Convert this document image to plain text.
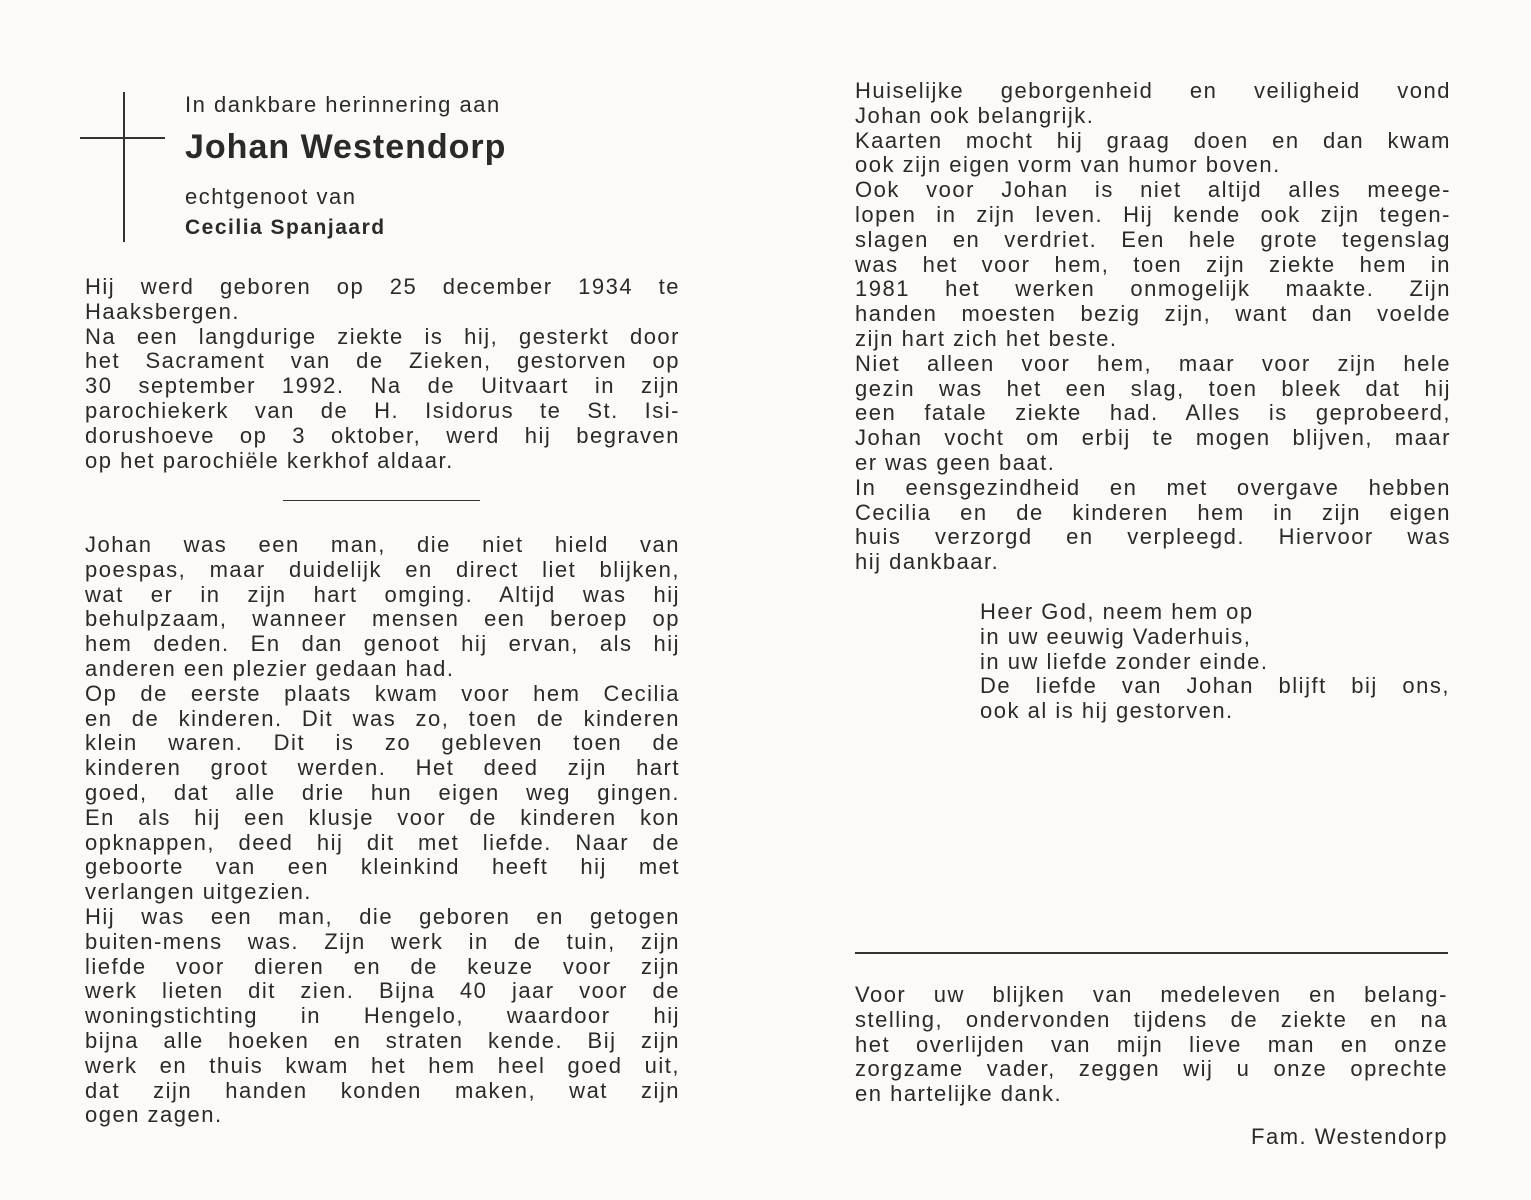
In dankbare herinnering aan
Johan Westendorp
echtgenoot van
Cecilia Spanjaard
Hij werd geboren op 25 december 1934 te
Haaksbergen.
Na een langdurige ziekte is hij, gesterkt door
het Sacrament van de Zieken, gestorven op
30 september 1992. Na de Uitvaart in zijn
parochiekerk van de H. Isidorus te St. Isi-
dorushoeve op 3 oktober, werd hij begraven
op het parochiële kerkhof aldaar.
Johan was een man, die niet hield van
poespas, maar duidelijk en direct liet blijken,
wat er in zijn hart omging. Altijd was hij
behulpzaam, wanneer mensen een beroep op
hem deden. En dan genoot hij ervan, als hij
anderen een plezier gedaan had.
Op de eerste plaats kwam voor hem Cecilia
en de kinderen. Dit was zo, toen de kinderen
klein waren. Dit is zo gebleven toen de
kinderen groot werden. Het deed zijn hart
goed, dat alle drie hun eigen weg gingen.
En als hij een klusje voor de kinderen kon
opknappen, deed hij dit met liefde. Naar de
geboorte van een kleinkind heeft hij met
verlangen uitgezien.
Hij was een man, die geboren en getogen
buiten-mens was. Zijn werk in de tuin, zijn
liefde voor dieren en de keuze voor zijn
werk lieten dit zien. Bijna 40 jaar voor de
woningstichting in Hengelo, waardoor hij
bijna alle hoeken en straten kende. Bij zijn
werk en thuis kwam het hem heel goed uit,
dat zijn handen konden maken, wat zijn
ogen zagen.
Huiselijke geborgenheid en veiligheid vond
Johan ook belangrijk.
Kaarten mocht hij graag doen en dan kwam
ook zijn eigen vorm van humor boven.
Ook voor Johan is niet altijd alles meege-
lopen in zijn leven. Hij kende ook zijn tegen-
slagen en verdriet. Een hele grote tegenslag
was het voor hem, toen zijn ziekte hem in
1981 het werken onmogelijk maakte. Zijn
handen moesten bezig zijn, want dan voelde
zijn hart zich het beste.
Niet alleen voor hem, maar voor zijn hele
gezin was het een slag, toen bleek dat hij
een fatale ziekte had. Alles is geprobeerd,
Johan vocht om erbij te mogen blijven, maar
er was geen baat.
In eensgezindheid en met overgave hebben
Cecilia en de kinderen hem in zijn eigen
huis verzorgd en verpleegd. Hiervoor was
hij dankbaar.
Heer God, neem hem op
in uw eeuwig Vaderhuis,
in uw liefde zonder einde.
De liefde van Johan blijft bij ons,
ook al is hij gestorven.
Voor uw blijken van medeleven en belang-
stelling, ondervonden tijdens de ziekte en na
het overlijden van mijn lieve man en onze
zorgzame vader, zeggen wij u onze oprechte
en hartelijke dank.
Fam. Westendorp
